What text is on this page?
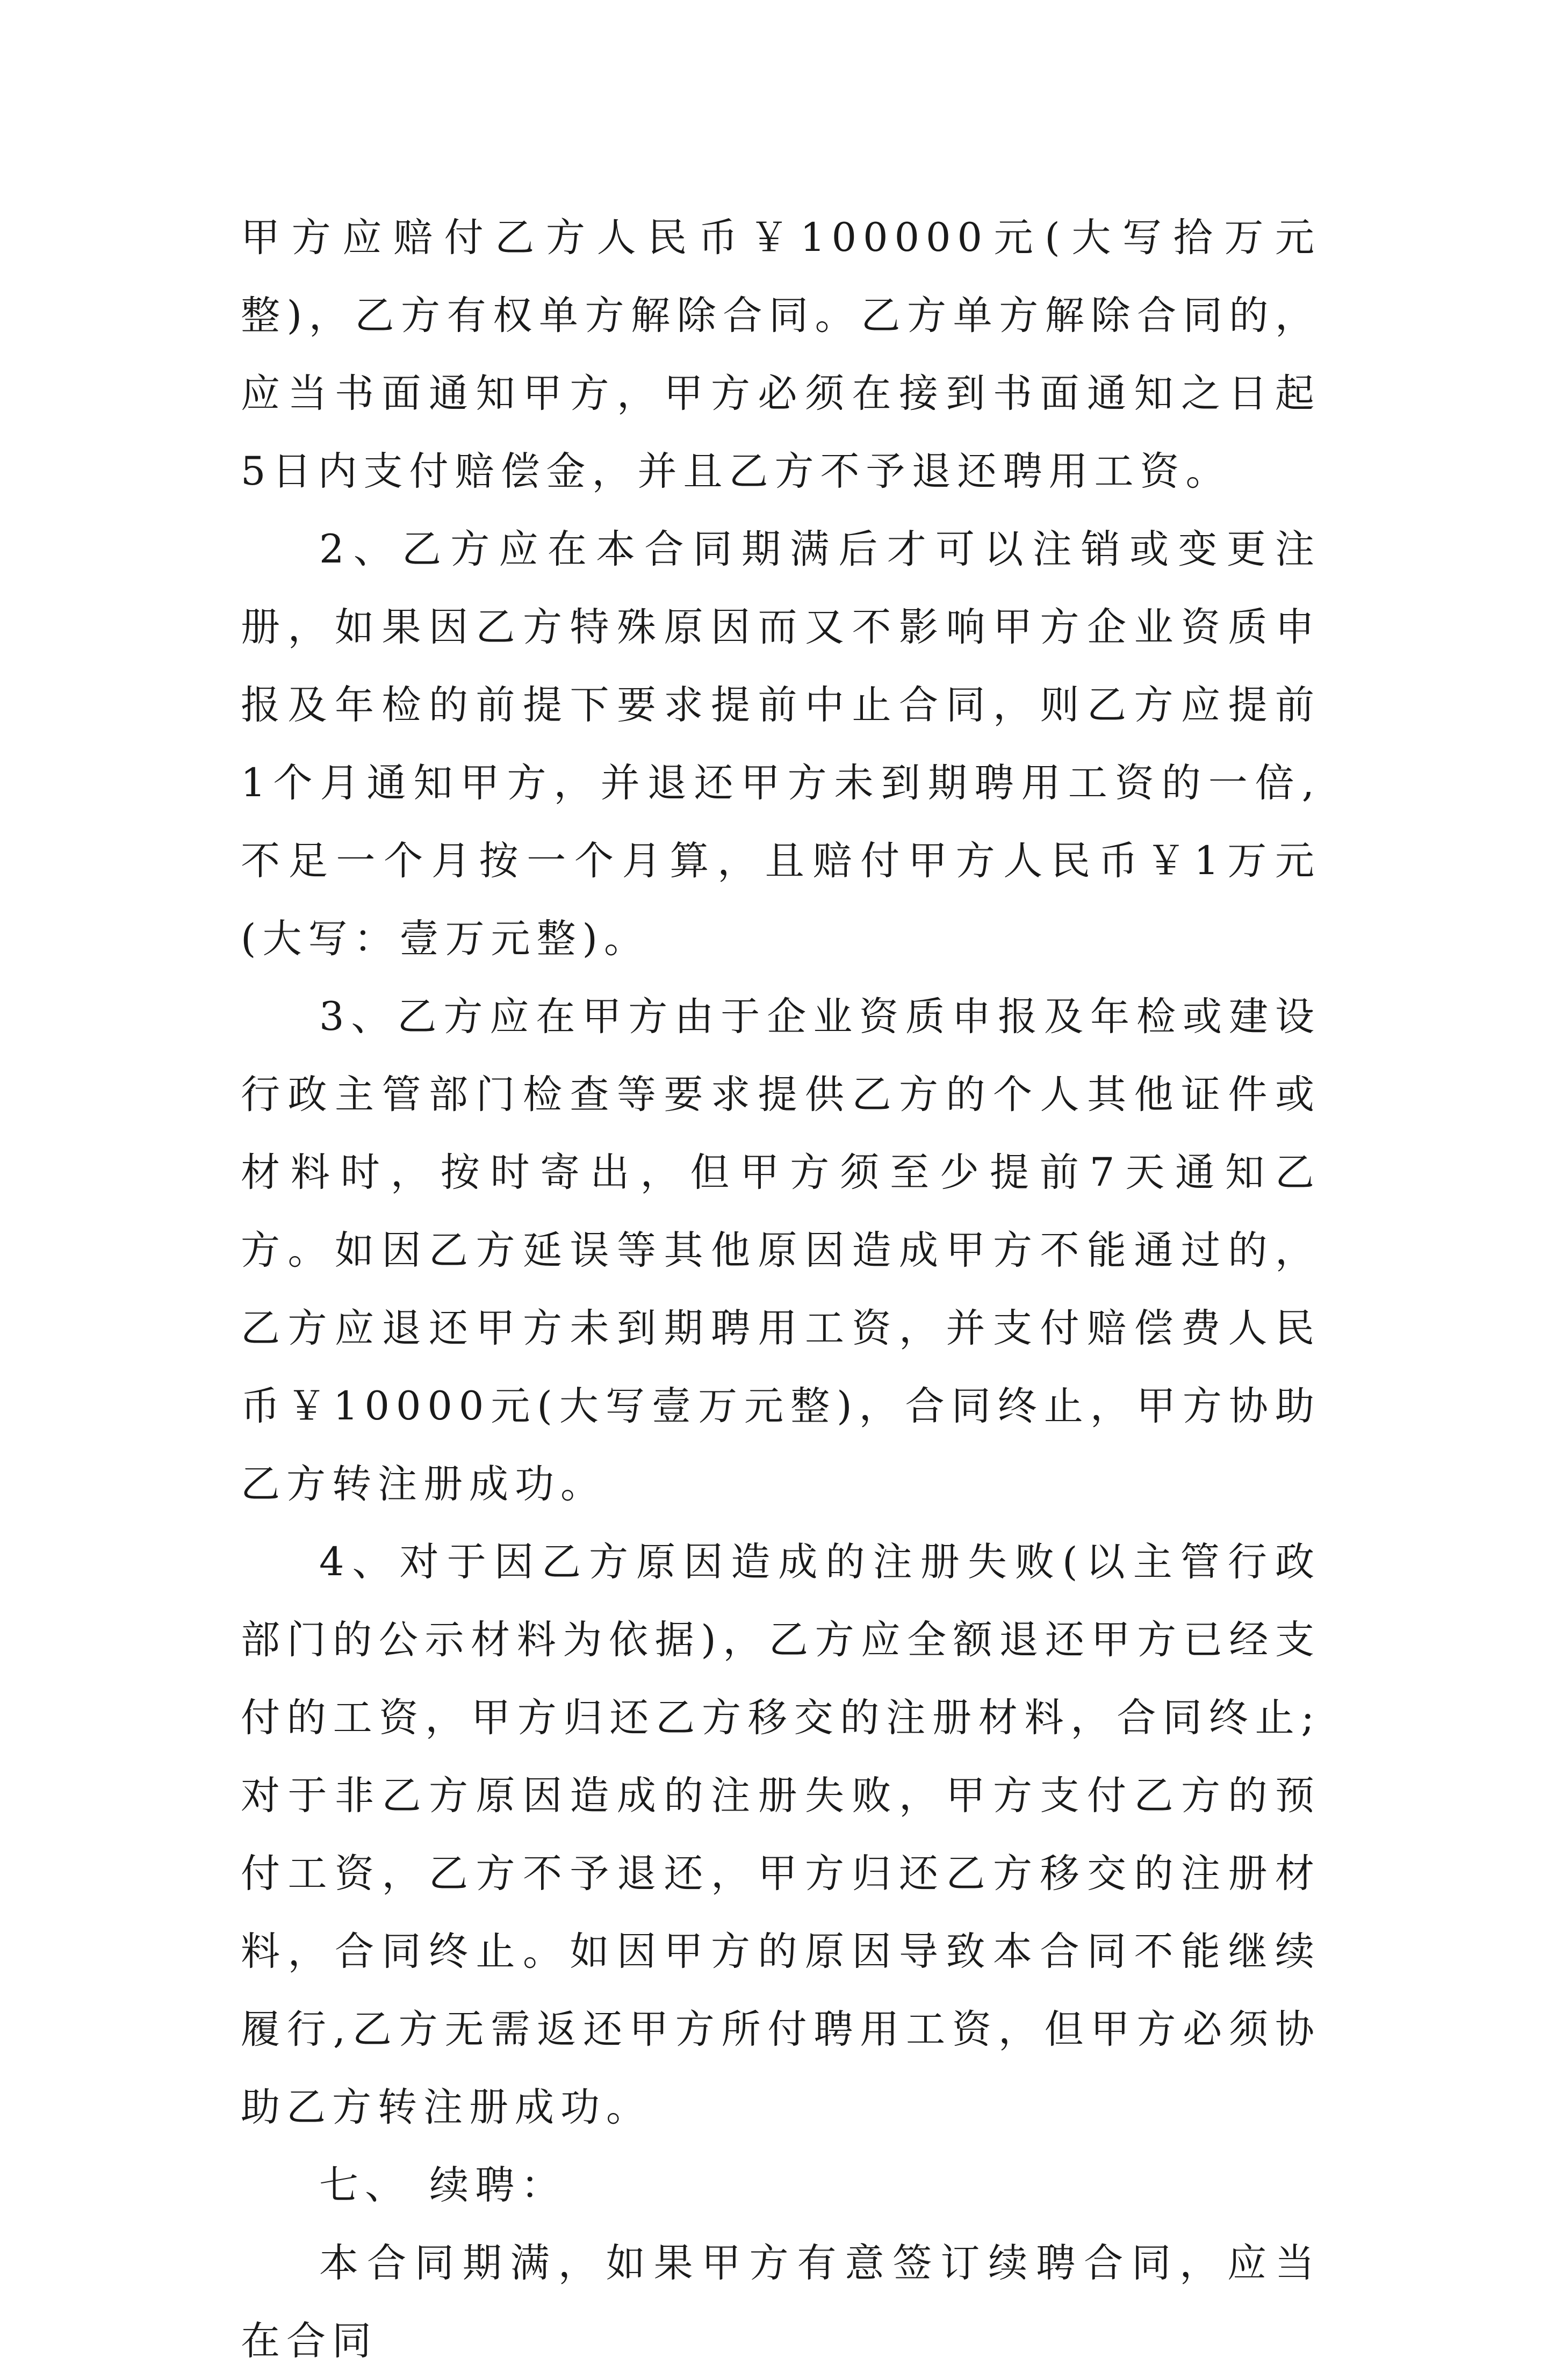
甲方应赔付乙方人民币￥100000元(大写拾万元整)，乙方有权单方解除合同。乙方单方解除合同的，应当书面通知甲方，甲方必须在接到书面通知之日起5日内支付赔偿金，并且乙方不予退还聘用工资。

2、乙方应在本合同期满后才可以注销或变更注册，如果因乙方特殊原因而又不影响甲方企业资质申报及年检的前提下要求提前中止合同，则乙方应提前1个月通知甲方，并退还甲方未到期聘用工资的一倍,不足一个月按一个月算，且赔付甲方人民币￥1万元(大写：壹万元整)。

3、乙方应在甲方由于企业资质申报及年检或建设行政主管部门检查等要求提供乙方的个人其他证件或材料时，按时寄出，但甲方须至少提前7天通知乙方。如因乙方延误等其他原因造成甲方不能通过的，乙方应退还甲方未到期聘用工资，并支付赔偿费人民币￥10000元(大写壹万元整)，合同终止，甲方协助乙方转注册成功。

4、对于因乙方原因造成的注册失败(以主管行政部门的公示材料为依据)，乙方应全额退还甲方已经支付的工资，甲方归还乙方移交的注册材料，合同终止;对于非乙方原因造成的注册失败，甲方支付乙方的预付工资，乙方不予退还，甲方归还乙方移交的注册材料，合同终止。如因甲方的原因导致本合同不能继续履行,乙方无需返还甲方所付聘用工资，但甲方必须协助乙方转注册成功。

七、 续聘：

本合同期满，如果甲方有意签订续聘合同，应当在合同
